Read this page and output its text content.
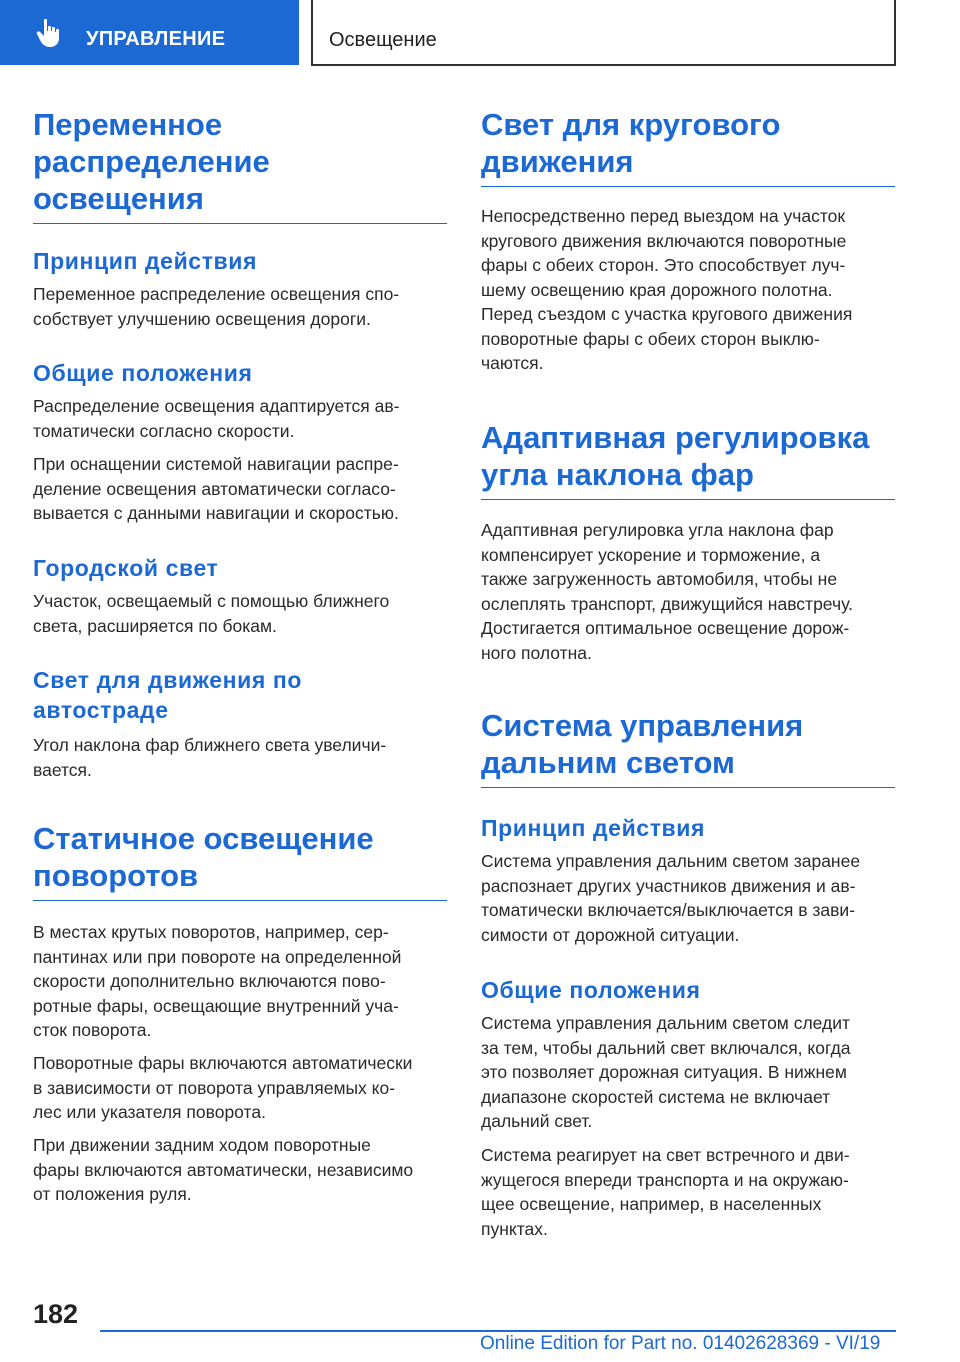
УПРАВЛЕНИЕ	Освещение
Переменное
распределение
освещения
Принцип действия
Переменное распределение освещения спо-
собствует улучшению освещения дороги.
Общие положения
Распределение освещения адаптируется ав-
томатически согласно скорости.
При оснащении системой навигации распре-
деление освещения автоматически согласо-
вывается с данными навигации и скоростью.
Городской свет
Участок, освещаемый с помощью ближнего
света, расширяется по бокам.
Свет для движения по
автостраде
Угол наклона фар ближнего света увеличи-
вается.
Статичное освещение
поворотов
В местах крутых поворотов, например, сер-
пантинах или при повороте на определенной
скорости дополнительно включаются пово-
ротные фары, освещающие внутренний уча-
сток поворота.
Поворотные фары включаются автоматически
в зависимости от поворота управляемых ко-
лес или указателя поворота.
При движении задним ходом поворотные
фары включаются автоматически, независимо
от положения руля.
Свет для кругового
движения
Непосредственно перед выездом на участок
кругового движения включаются поворотные
фары с обеих сторон. Это способствует луч-
шему освещению края дорожного полотна.
Перед съездом с участка кругового движения
поворотные фары с обеих сторон выклю-
чаются.
Адаптивная регулировка
угла наклона фар
Адаптивная регулировка угла наклона фар
компенсирует ускорение и торможение, а
также загруженность автомобиля, чтобы не
ослеплять транспорт, движущийся навстречу.
Достигается оптимальное освещение дорож-
ного полотна.
Система управления
дальним светом
Принцип действия
Система управления дальним светом заранее
распознает других участников движения и ав-
томатически включается/выключается в зави-
симости от дорожной ситуации.
Общие положения
Система управления дальним светом следит
за тем, чтобы дальний свет включался, когда
это позволяет дорожная ситуация. В нижнем
диапазоне скоростей система не включает
дальний свет.
Система реагирует на свет встречного и дви-
жущегося впереди транспорта и на окружаю-
щее освещение, например, в населенных
пунктах.
182
Online Edition for Part no. 01402628369 - VI/19
